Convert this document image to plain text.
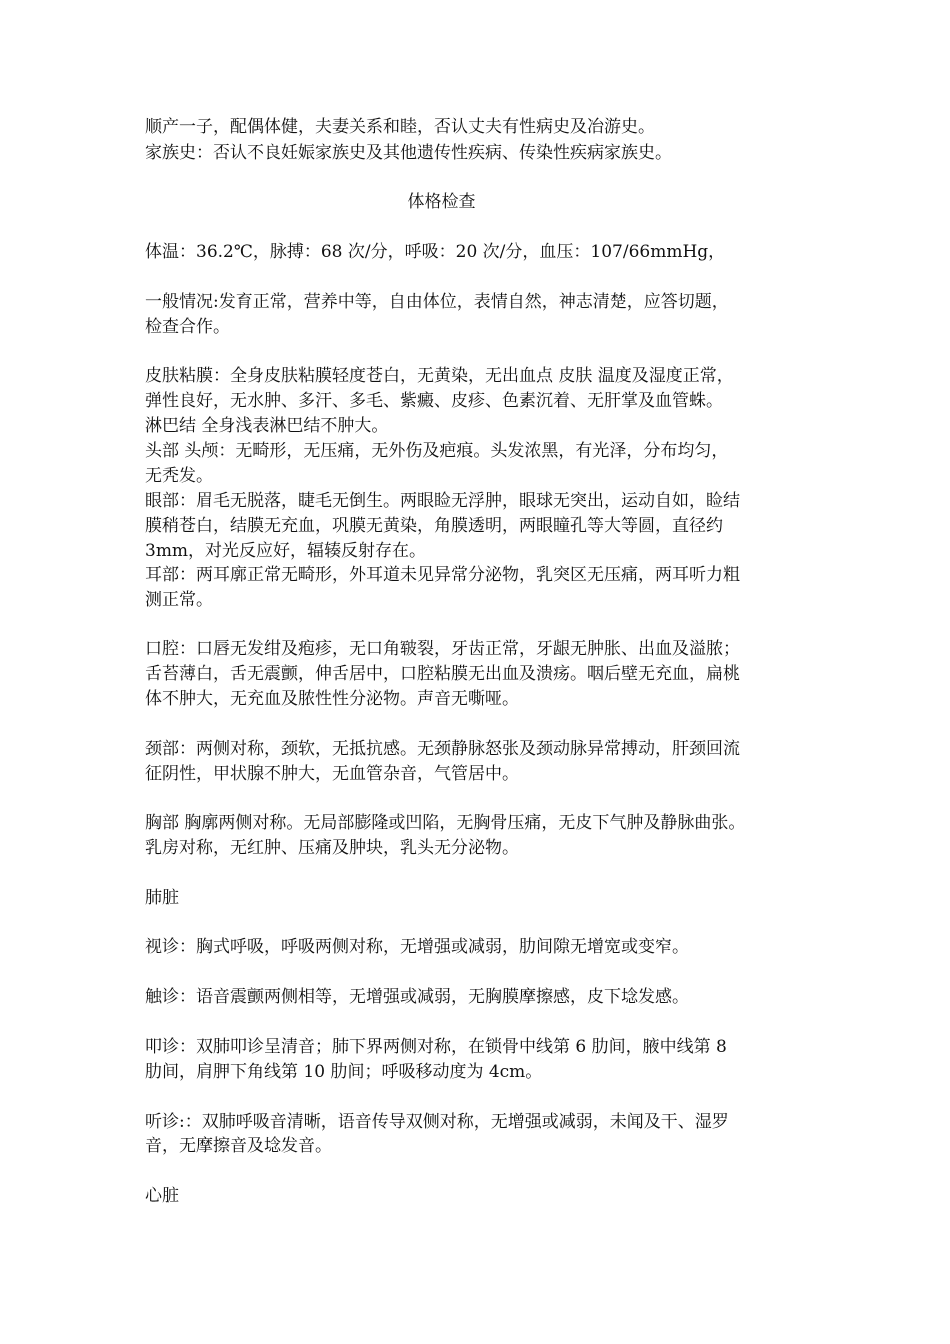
顺产一子，配偶体健，夫妻关系和睦，否认丈夫有性病史及冶游史。
家族史：否认不良妊娠家族史及其他遗传性疾病、传染性疾病家族史。
体格检查
体温：36.2℃，脉搏：68 次/分，呼吸：20 次/分，血压：107/66mmHg，
一般情况:发育正常，营养中等，自由体位，表情自然，神志清楚，应答切题，
检查合作。
皮肤粘膜：全身皮肤粘膜轻度苍白，无黄染，无出血点 皮肤 温度及湿度正常，
弹性良好，无水肿、多汗、多毛、紫癜、皮疹、色素沉着、无肝掌及血管蛛。
淋巴结 全身浅表淋巴结不肿大。
头部 头颅：无畸形，无压痛，无外伤及疤痕。头发浓黑，有光泽，分布均匀，
无秃发。
眼部：眉毛无脱落，睫毛无倒生。两眼睑无浮肿，眼球无突出，运动自如，睑结
膜稍苍白，结膜无充血，巩膜无黄染，角膜透明，两眼瞳孔等大等圆，直径约
3mm，对光反应好，辐辏反射存在。
耳部：两耳廓正常无畸形，外耳道未见异常分泌物，乳突区无压痛，两耳听力粗
测正常。
口腔：口唇无发绀及疱疹，无口角皲裂，牙齿正常，牙龈无肿胀、出血及溢脓；
舌苔薄白，舌无震颤，伸舌居中，口腔粘膜无出血及溃疡。咽后壁无充血，扁桃
体不肿大，无充血及脓性性分泌物。声音无嘶哑。
颈部：两侧对称，颈软，无抵抗感。无颈静脉怒张及颈动脉异常搏动，肝颈回流
征阴性，甲状腺不肿大，无血管杂音，气管居中。
胸部 胸廓两侧对称。无局部膨隆或凹陷，无胸骨压痛，无皮下气肿及静脉曲张。
乳房对称，无红肿、压痛及肿块，乳头无分泌物。
肺脏
视诊：胸式呼吸，呼吸两侧对称，无增强或减弱，肋间隙无增宽或变窄。
触诊：语音震颤两侧相等，无增强或减弱，无胸膜摩擦感，皮下埝发感。
叩诊：双肺叩诊呈清音；肺下界两侧对称，在锁骨中线第 6 肋间，腋中线第 8
肋间，肩胛下角线第 10 肋间；呼吸移动度为 4cm。
听诊:：双肺呼吸音清晰，语音传导双侧对称，无增强或减弱，未闻及干、湿罗
音，无摩擦音及埝发音。
心脏
